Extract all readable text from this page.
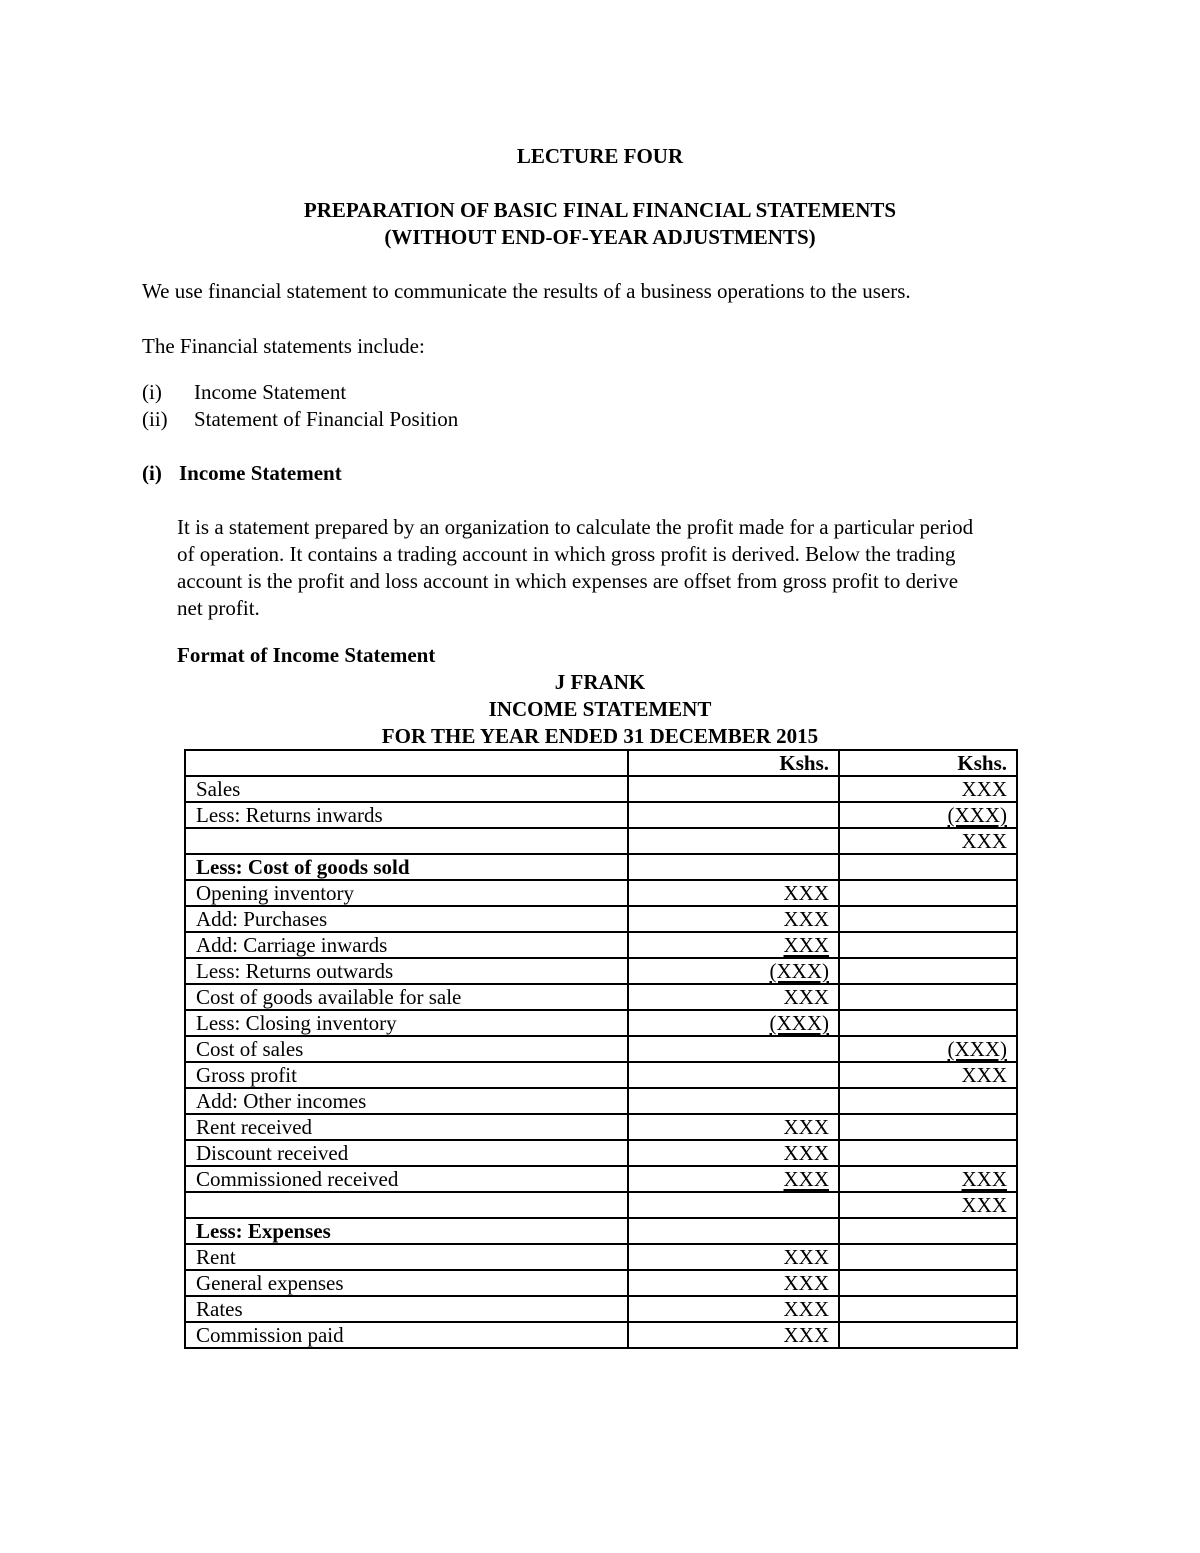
LECTURE FOUR
PREPARATION OF BASIC FINAL FINANCIAL STATEMENTS
(WITHOUT END-OF-YEAR ADJUSTMENTS)
We use financial statement to communicate the results of a business operations to the users.
The Financial statements include:
(i) Income Statement
(ii) Statement of Financial Position
(i) Income Statement
It is a statement prepared by an organization to calculate the profit made for a particular period
of operation. It contains a trading account in which gross profit is derived. Below the trading
account is the profit and loss account in which expenses are offset from gross profit to derive
net profit.
Format of Income Statement
J FRANK
INCOME STATEMENT
FOR THE YEAR ENDED 31 DECEMBER 2015
	Kshs.	Kshs.
Sales		XXX
Less: Returns inwards		(XXX)
		XXX
Less: Cost of goods sold		
Opening inventory	XXX	
Add: Purchases	XXX	
Add: Carriage inwards	XXX	
Less: Returns outwards	(XXX)	
Cost of goods available for sale	XXX	
Less: Closing inventory	(XXX)	
Cost of sales		(XXX)
Gross profit		XXX
Add: Other incomes		
Rent received	XXX	
Discount received	XXX	
Commissioned received	XXX	XXX
		XXX
Less: Expenses		
Rent	XXX	
General expenses	XXX	
Rates	XXX	
Commission paid	XXX	
